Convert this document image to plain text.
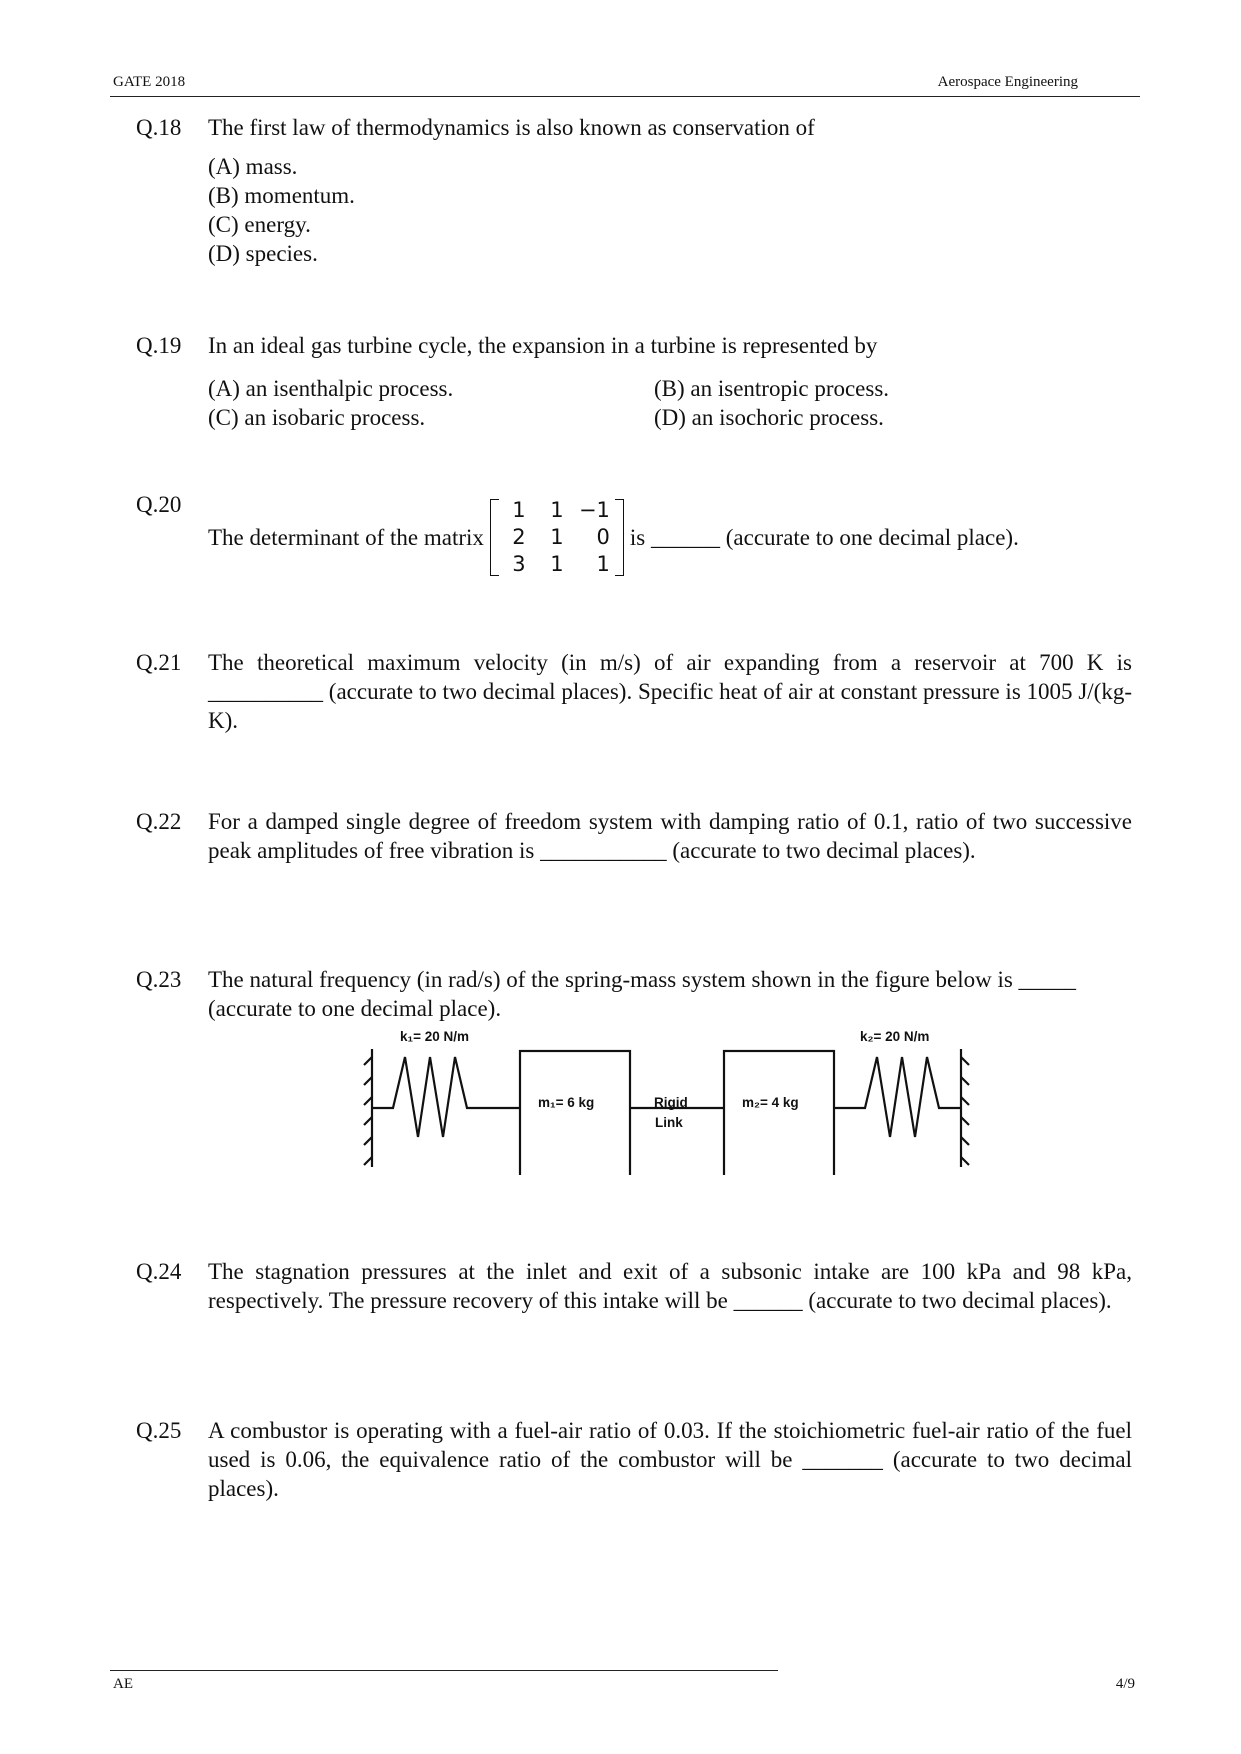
GATE 2018	Aerospace Engineering
Q.18 The first law of thermodynamics is also known as conservation of
(A) mass.
(B) momentum.
(C) energy.
(D) species.
Q.19 In an ideal gas turbine cycle, the expansion in a turbine is represented by
(A) an isenthalpic process.	(B) an isentropic process.
(C) an isobaric process.	(D) an isochoric process.
Q.20
The determinant of the matrix
1	1 −1
2	1	0
3	1	1
is ______ (accurate to one decimal place).
Q.21 The theoretical maximum velocity (in m/s) of air expanding from a reservoir at 700 K is __________ (accurate to two decimal places). Specific heat of air at constant pressure is 1005 J/(kg-K).
Q.22 For a damped single degree of freedom system with damping ratio of 0.1, ratio of two successive peak amplitudes of free vibration is ___________ (accurate to two decimal places).
Q.23 The natural frequency (in rad/s) of the spring-mass system shown in the figure below is _____ (accurate to one decimal place).
k₁= 20 N/m	k₂= 20 N/m
m₁= 6 kg	m₂= 4 kg
Rigid
Link
Q.24 The stagnation pressures at the inlet and exit of a subsonic intake are 100 kPa and 98 kPa, respectively. The pressure recovery of this intake will be ______ (accurate to two decimal places).
Q.25 A combustor is operating with a fuel-air ratio of 0.03. If the stoichiometric fuel-air ratio of the fuel used is 0.06, the equivalence ratio of the combustor will be _______ (accurate to two decimal places).
AE	4/9
